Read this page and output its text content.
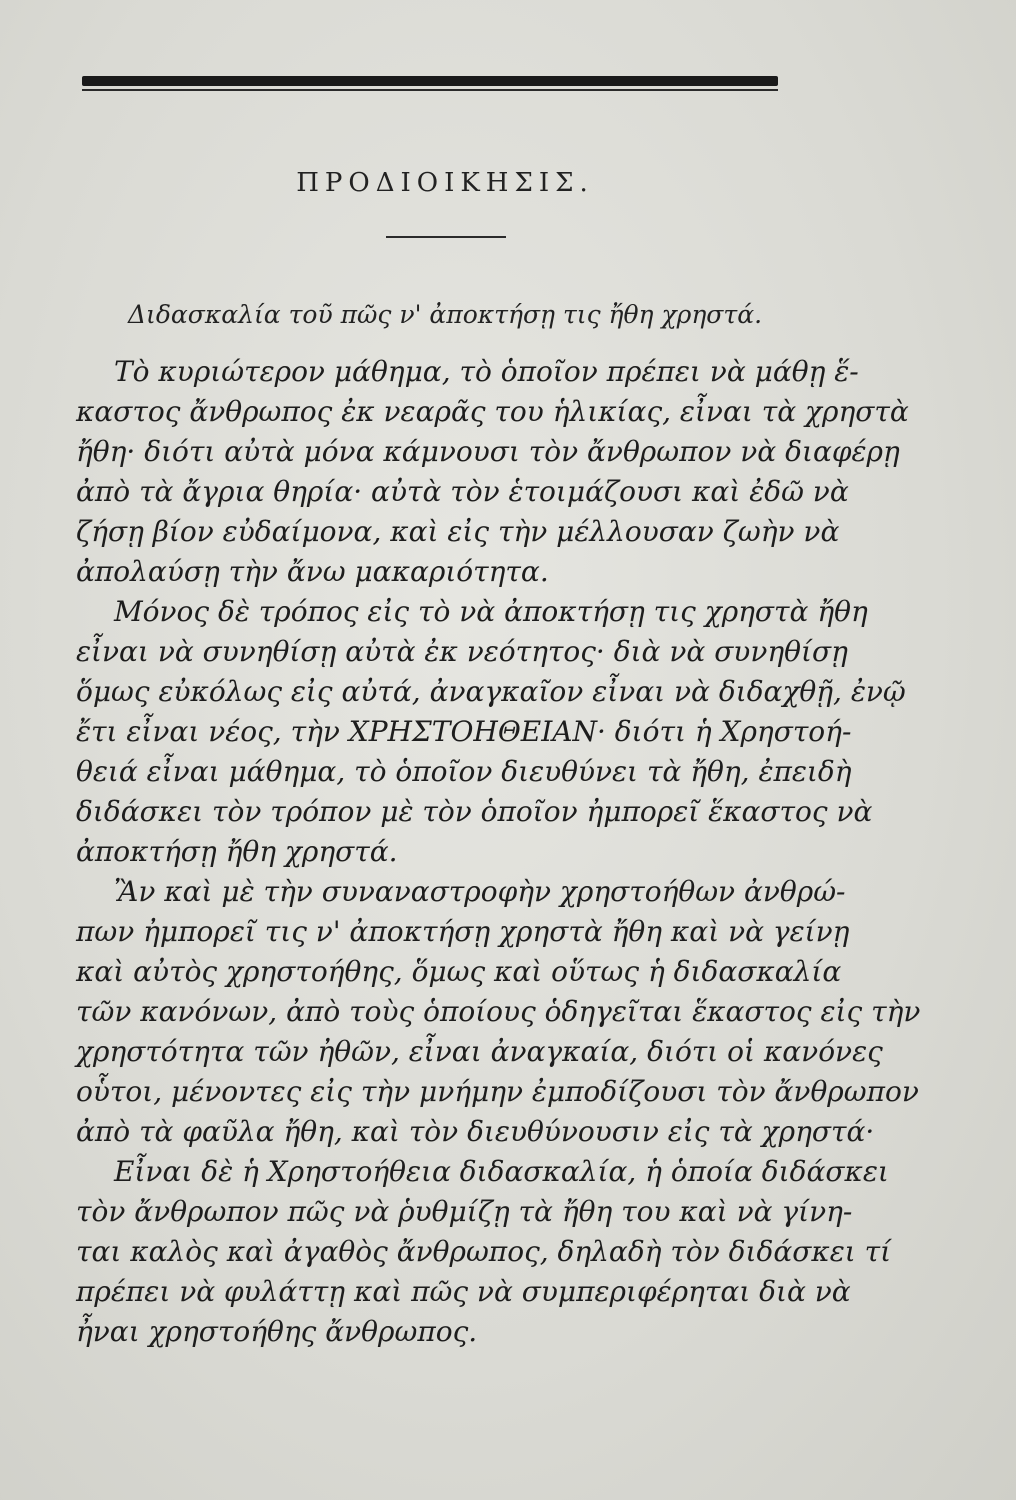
ΠΡΟΔΙΟΙΚΗΣΙΣ.
Διδασκαλία τοῦ πῶς ν' ἀποκτήσῃ τις ἤθη χρηστά.
Τὸ κυριώτερον μάθημα, τὸ ὁποῖον πρέπει νὰ μάθῃ ἕ-
καστος ἄνθρωπος ἐκ νεαρᾶς του ἡλικίας, εἶναι τὰ χρηστὰ
ἤθη· διότι αὐτὰ μόνα κάμνουσι τὸν ἄνθρωπον νὰ διαφέρῃ
ἀπὸ τὰ ἄγρια θηρία· αὐτὰ τὸν ἑτοιμάζουσι καὶ ἐδῶ νὰ
ζήσῃ βίον εὐδαίμονα, καὶ εἰς τὴν μέλλουσαν ζωὴν νὰ
ἀπολαύσῃ τὴν ἄνω μακαριότητα.
Μόνος δὲ τρόπος εἰς τὸ νὰ ἀποκτήσῃ τις χρηστὰ ἤθη
εἶναι νὰ συνηθίσῃ αὐτὰ ἐκ νεότητος· διὰ νὰ συνηθίσῃ
ὅμως εὐκόλως εἰς αὐτά, ἀναγκαῖον εἶναι νὰ διδαχθῇ, ἐνῷ
ἔτι εἶναι νέος, τὴν ΧΡΗΣΤΟΗΘΕΙΑΝ· διότι ἡ Χρηστοή-
θειά εἶναι μάθημα, τὸ ὁποῖον διευθύνει τὰ ἤθη, ἐπειδὴ
διδάσκει τὸν τρόπον μὲ τὸν ὁποῖον ἠμπορεῖ ἕκαστος νὰ
ἀποκτήσῃ ἤθη χρηστά.
Ἂν καὶ μὲ τὴν συναναστροφὴν χρηστοήθων ἀνθρώ-
πων ἠμπορεῖ τις ν' ἀποκτήσῃ χρηστὰ ἤθη καὶ νὰ γείνῃ
καὶ αὐτὸς χρηστοήθης, ὅμως καὶ οὕτως ἡ διδασκαλία
τῶν κανόνων, ἀπὸ τοὺς ὁποίους ὁδηγεῖται ἕκαστος εἰς τὴν
χρηστότητα τῶν ἠθῶν, εἶναι ἀναγκαία, διότι οἱ κανόνες
οὗτοι, μένοντες εἰς τὴν μνήμην ἐμποδίζουσι τὸν ἄνθρωπον
ἀπὸ τὰ φαῦλα ἤθη, καὶ τὸν διευθύνουσιν εἰς τὰ χρηστά·
Εἶναι δὲ ἡ Χρηστοήθεια διδασκαλία, ἡ ὁποία διδάσκει
τὸν ἄνθρωπον πῶς νὰ ῥυθμίζῃ τὰ ἤθη του καὶ νὰ γίνη-
ται καλὸς καὶ ἀγαθὸς ἄνθρωπος, δηλαδὴ τὸν διδάσκει τί
πρέπει νὰ φυλάττῃ καὶ πῶς νὰ συμπεριφέρηται διὰ νὰ
ἦναι χρηστοήθης ἄνθρωπος.
